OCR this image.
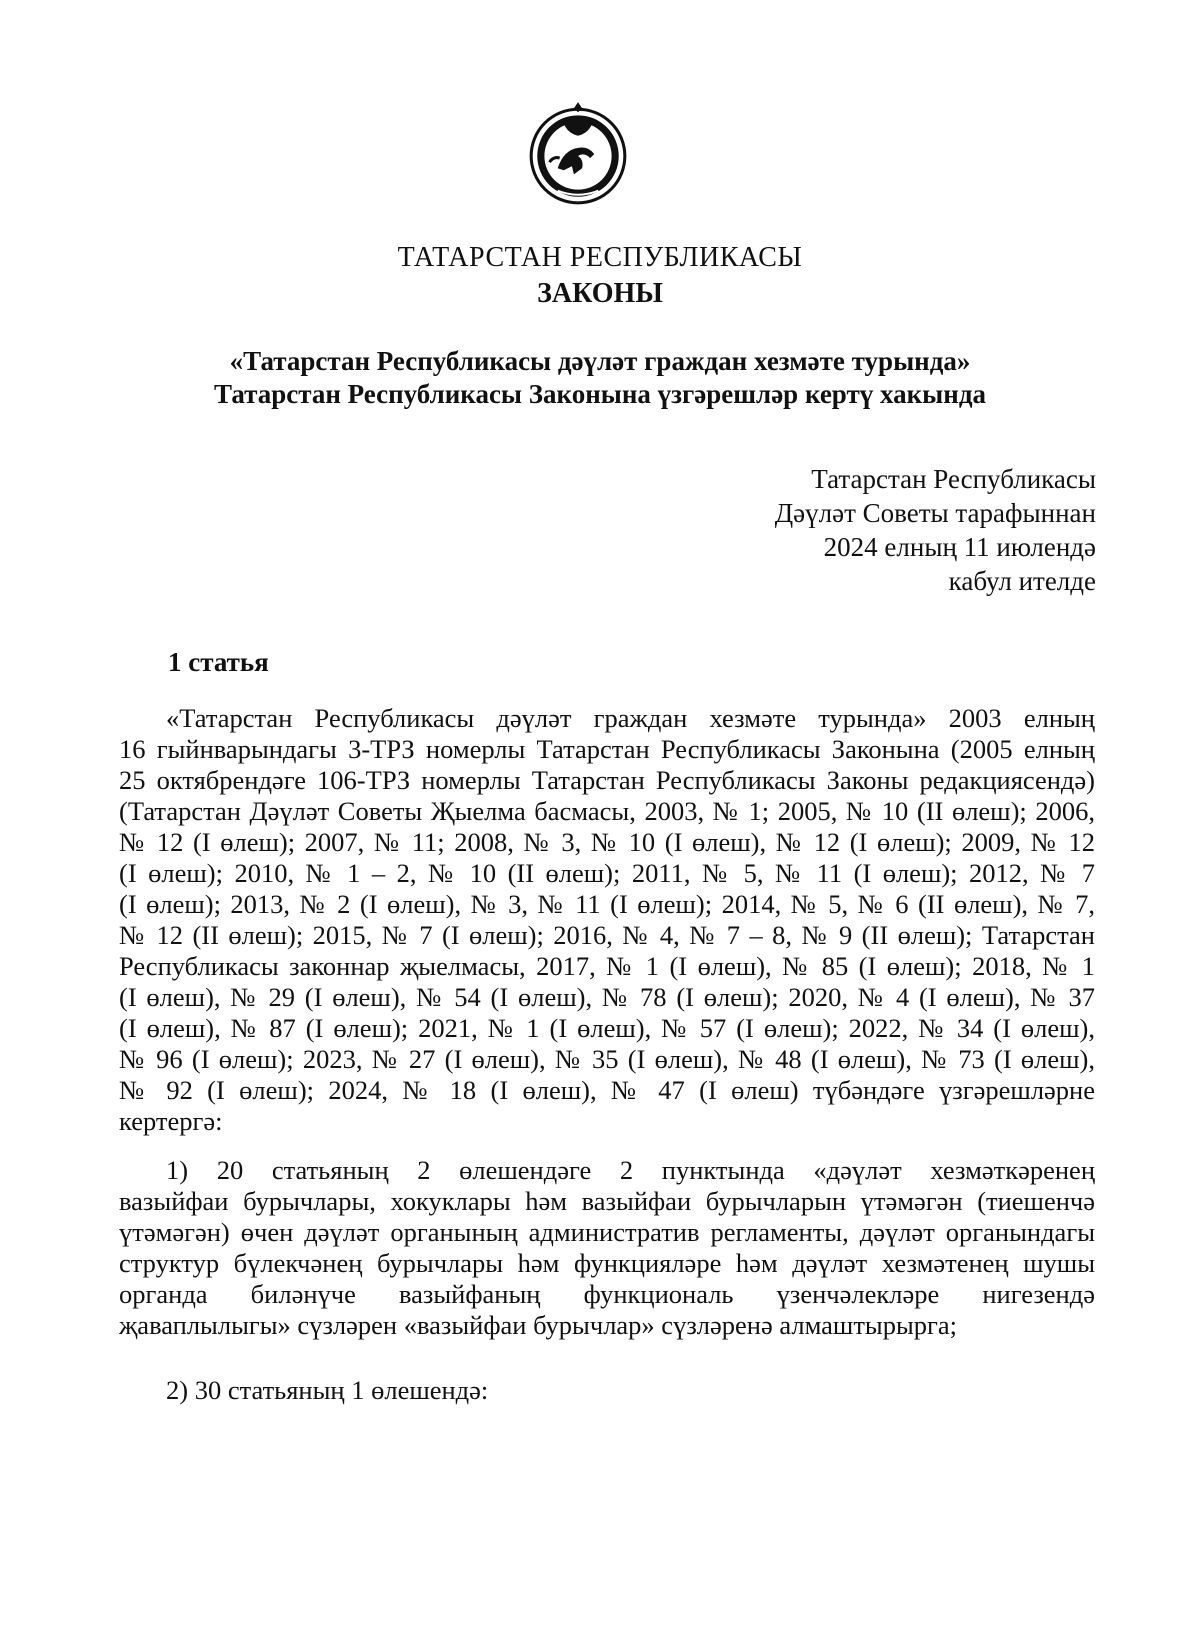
ТАТАРСТАН РЕСПУБЛИКАСЫ
ЗАКОНЫ
«Татарстан Республикасы дәүләт граждан хезмәте турында»
Татарстан Республикасы Законына үзгәрешләр кертү хакында
Татарстан Республикасы
Дәүләт Советы тарафыннан
2024 елның 11 июлендә
кабул ителде
1 статья
«Татарстан Республикасы дәүләт граждан хезмәте турында» 2003 елның
16 гыйнварындагы 3-ТРЗ номерлы Татарстан Республикасы Законына (2005 елның
25 октябрендәге 106-ТРЗ номерлы Татарстан Республикасы Законы редакциясендә)
(Татарстан Дәүләт Советы Җыелма басмасы, 2003, № 1; 2005, № 10 (II өлеш); 2006,
№ 12 (I өлеш); 2007, № 11; 2008, № 3, № 10 (I өлеш), № 12 (I өлеш); 2009, № 12
(I өлеш); 2010, № 1 – 2, № 10 (II өлеш); 2011, № 5, № 11 (I өлеш); 2012, № 7
(I өлеш); 2013, № 2 (I өлеш), № 3, № 11 (I өлеш); 2014, № 5, № 6 (II өлеш), № 7,
№ 12 (II өлеш); 2015, № 7 (I өлеш); 2016, № 4, № 7 – 8, № 9 (II өлеш); Татарстан
Республикасы законнар җыелмасы, 2017, № 1 (I өлеш), № 85 (I өлеш); 2018, № 1
(I өлеш), № 29 (I өлеш), № 54 (I өлеш), № 78 (I өлеш); 2020, № 4 (I өлеш), № 37
(I өлеш), № 87 (I өлеш); 2021, № 1 (I өлеш), № 57 (I өлеш); 2022, № 34 (I өлеш),
№ 96 (I өлеш); 2023, № 27 (I өлеш), № 35 (I өлеш), № 48 (I өлеш), № 73 (I өлеш),
№ 92 (I өлеш); 2024, № 18 (I өлеш), № 47 (I өлеш) түбәндәге үзгәрешләрне
кертергә:
1) 20 статьяның 2 өлешендәге 2 пунктында «дәүләт хезмәткәренең
вазыйфаи бурычлары, хокуклары һәм вазыйфаи бурычларын үтәмәгән (тиешенчә
үтәмәгән) өчен дәүләт органының административ регламенты, дәүләт органындагы
структур бүлекчәнең бурычлары һәм функцияләре һәм дәүләт хезмәтенең шушы
органда биләнүче вазыйфаның функциональ үзенчәлекләре нигезендә
җаваплылыгы» сүзләрен «вазыйфаи бурычлар» сүзләренә алмаштырырга;
2) 30 статьяның 1 өлешендә:
